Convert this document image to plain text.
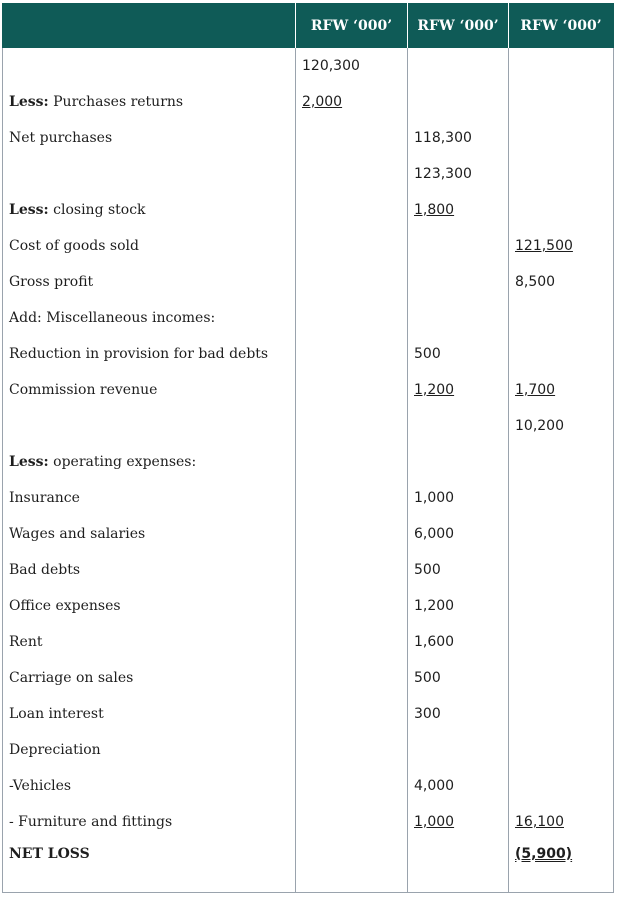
	RFW ‘000’	RFW ‘000’	RFW ‘000’
	120,300		
Less: Purchases returns	2,000		
Net purchases		118,300	
		123,300	
Less: closing stock		1,800	
Cost of goods sold			121,500
Gross profit			8,500
Add: Miscellaneous incomes:			
Reduction in provision for bad debts		500	
Commission revenue		1,200	1,700
			10,200
Less: operating expenses:			
Insurance		1,000	
Wages and salaries		6,000	
Bad debts		500	
Office expenses		1,200	
Rent		1,600	
Carriage on sales		500	
Loan interest		300	
Depreciation			
-Vehicles		4,000	
- Furniture and fittings		1,000	16,100
NET LOSS			(5,900)
